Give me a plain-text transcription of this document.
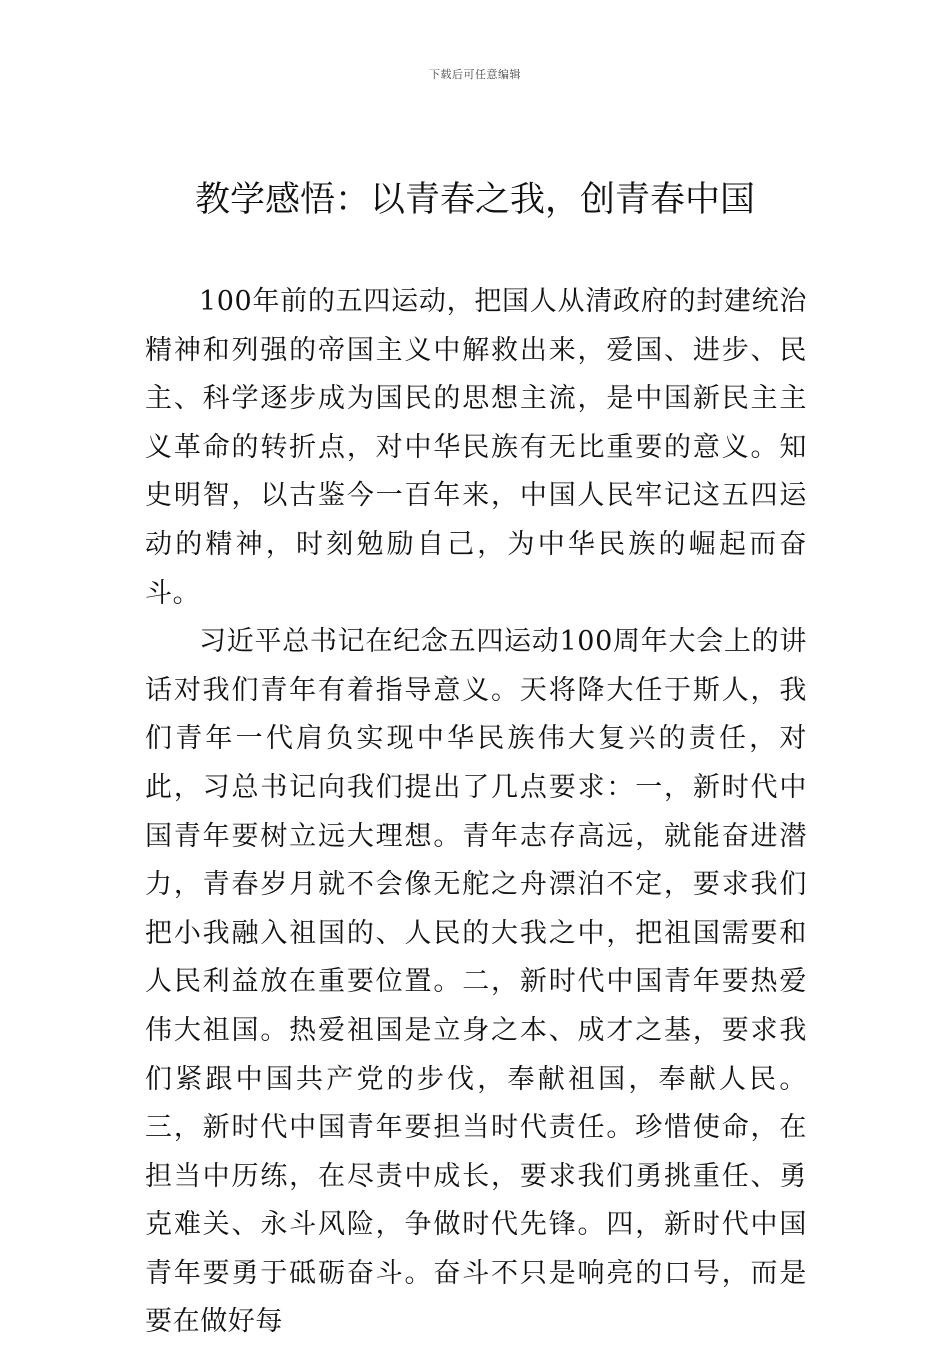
下载后可任意编辑
教学感悟：以青春之我，创青春中国

100年前的五四运动，把国人从清政府的封建统治精神和列强的帝国主义中解救出来，爱国、进步、民主、科学逐步成为国民的思想主流，是中国新民主主义革命的转折点，对中华民族有无比重要的意义。知史明智，以古鉴今一百年来，中国人民牢记这五四运动的精神，时刻勉励自己，为中华民族的崛起而奋斗。

习近平总书记在纪念五四运动100周年大会上的讲话对我们青年有着指导意义。天将降大任于斯人，我们青年一代肩负实现中华民族伟大复兴的责任，对此，习总书记向我们提出了几点要求：一，新时代中国青年要树立远大理想。青年志存高远，就能奋进潜力，青春岁月就不会像无舵之舟漂泊不定，要求我们把小我融入祖国的、人民的大我之中，把祖国需要和人民利益放在重要位置。二，新时代中国青年要热爱伟大祖国。热爱祖国是立身之本、成才之基，要求我们紧跟中国共产党的步伐，奉献祖国，奉献人民。三，新时代中国青年要担当时代责任。珍惜使命，在担当中历练，在尽责中成长，要求我们勇挑重任、勇克难关、永斗风险，争做时代先锋。四，新时代中国青年要勇于砥砺奋斗。奋斗不只是响亮的口号，而是要在做好每
